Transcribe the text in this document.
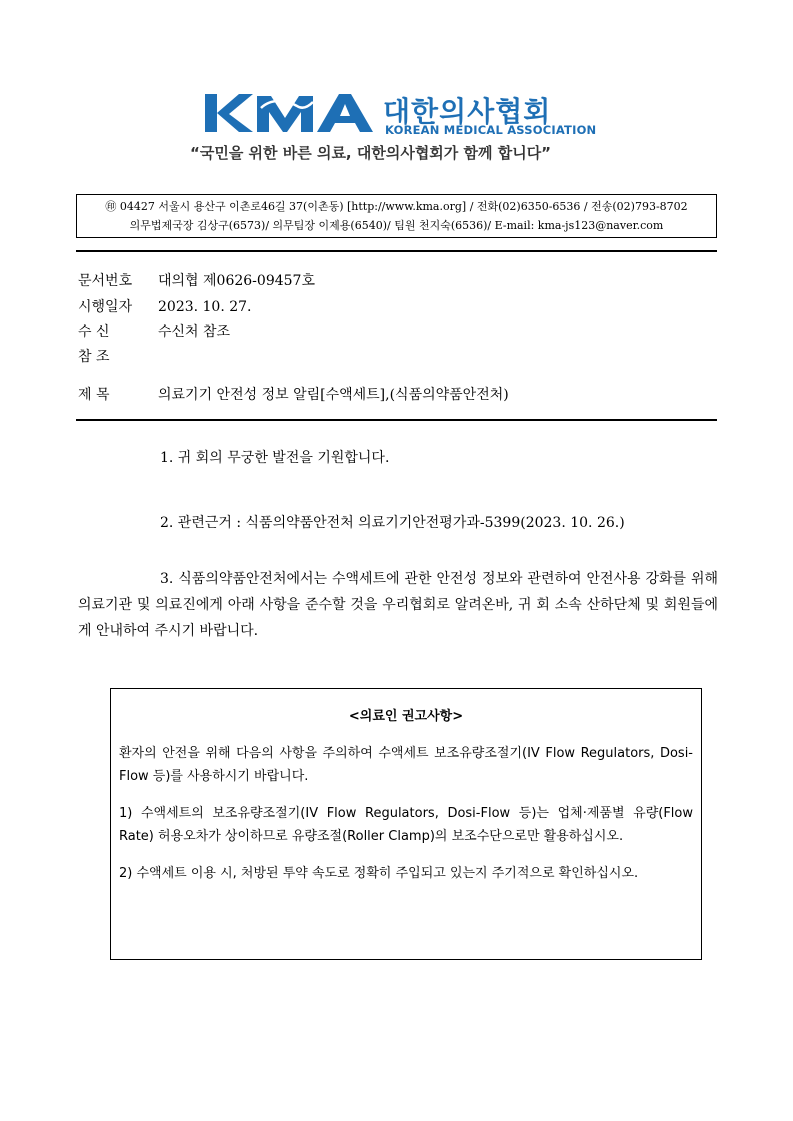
KMA	대한의사협회
KOREAN MEDICAL ASSOCIATION
“국민을 위한 바른 의료, 대한의사협회가 함께 합니다”
㊞ 04427 서울시 용산구 이촌로46길 37(이촌동) [http://www.kma.org] / 전화(02)6350-6536 / 전송(02)793-8702
의무법제국장 김상구(6573)/ 의무팀장 이제용(6540)/ 팀원 천지숙(6536)/ E-mail: kma-js123@naver.com
문서번호 대의협 제0626-09457호
시행일자 2023. 10. 27.
수 신	수신처 참조
참 조
제 목	의료기기 안전성 정보 알림[수액세트],(식품의약품안전처)
1. 귀 회의 무궁한 발전을 기원합니다.
2. 관련근거 : 식품의약품안전처 의료기기안전평가과-5399(2023. 10. 26.)
3. 식품의약품안전처에서는 수액세트에 관한 안전성 정보와 관련하여 안전사용 강화를 위해 의료기관 및 의료진에게 아래 사항을 준수할 것을 우리협회로 알려온바, 귀 회 소속 산하단체 및 회원들에게 안내하여 주시기 바랍니다.
<의료인 권고사항>

환자의 안전을 위해 다음의 사항을 주의하여 수액세트 보조유량조절기(IV Flow Regulators, Dosi-Flow 등)를 사용하시기 바랍니다.

1) 수액세트의 보조유량조절기(IV Flow Regulators, Dosi-Flow 등)는 업체·제품별 유량(Flow Rate) 허용오차가 상이하므로 유량조절(Roller Clamp)의 보조수단으로만 활용하십시오.

2) 수액세트 이용 시, 처방된 투약 속도로 정확히 주입되고 있는지 주기적으로 확인하십시오.
